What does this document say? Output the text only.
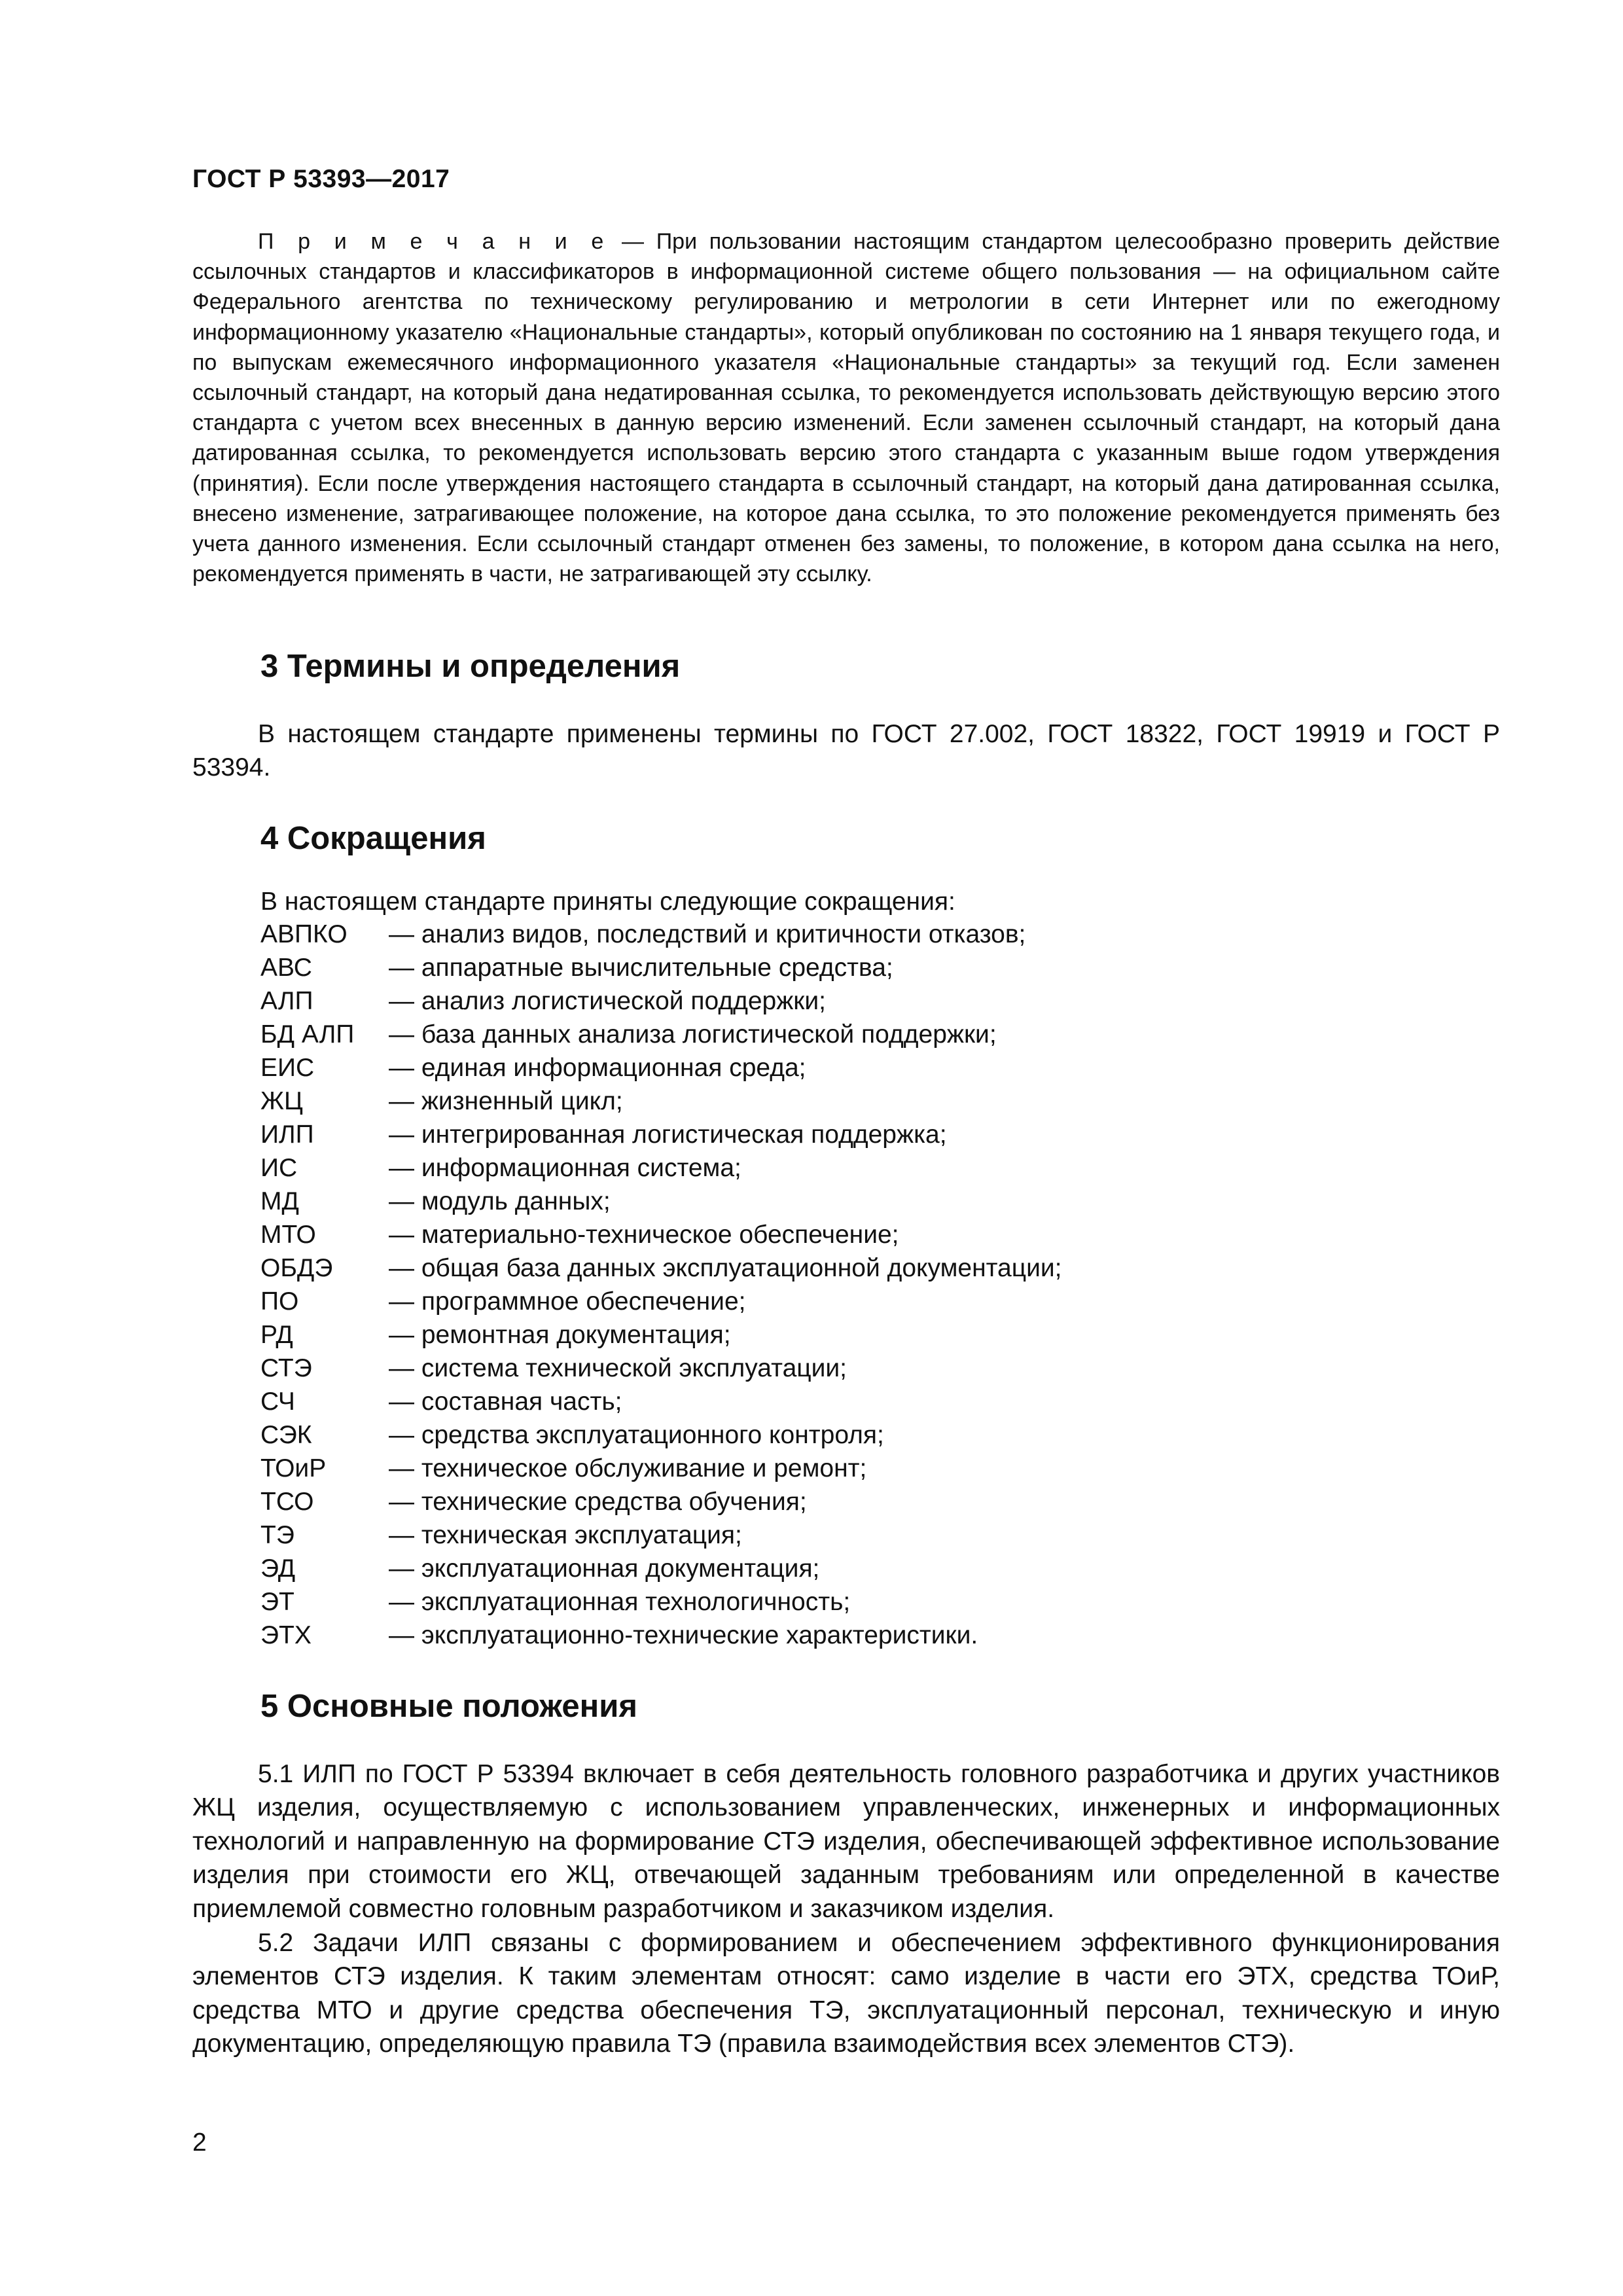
ГОСТ Р 53393—2017
П р и м е ч а н и е — При пользовании настоящим стандартом целесообразно проверить действие ссылочных стандартов и классификаторов в информационной системе общего пользования — на официальном сайте Федерального агентства по техническому регулированию и метрологии в сети Интернет или по ежегодному информационному указателю «Национальные стандарты», который опубликован по состоянию на 1 января текущего года, и по выпускам ежемесячного информационного указателя «Национальные стандарты» за текущий год. Если заменен ссылочный стандарт, на который дана недатированная ссылка, то рекомендуется использовать действующую версию этого стандарта с учетом всех внесенных в данную версию изменений. Если заменен ссылочный стандарт, на который дана датированная ссылка, то рекомендуется использовать версию этого стандарта с указанным выше годом утверждения (принятия). Если после утверждения настоящего стандарта в ссылочный стандарт, на который дана датированная ссылка, внесено изменение, затрагивающее положение, на которое дана ссылка, то это положение рекомендуется применять без учета данного изменения. Если ссылочный стандарт отменен без замены, то положение, в котором дана ссылка на него, рекомендуется применять в части, не затрагивающей эту ссылку.
3 Термины и определения
В настоящем стандарте применены термины по ГОСТ 27.002, ГОСТ 18322, ГОСТ 19919 и ГОСТ Р 53394.
4 Сокращения
В настоящем стандарте приняты следующие сокращения:
АВПКО	— анализ видов, последствий и критичности отказов;
АВС	— аппаратные вычислительные средства;
АЛП	— анализ логистической поддержки;
БД АЛП	— база данных анализа логистической поддержки;
ЕИС	— единая информационная среда;
ЖЦ	— жизненный цикл;
ИЛП	— интегрированная логистическая поддержка;
ИС	— информационная система;
МД	— модуль данных;
МТО	— материально-техническое обеспечение;
ОБДЭ	— общая база данных эксплуатационной документации;
ПО	— программное обеспечение;
РД	— ремонтная документация;
СТЭ	— система технической эксплуатации;
СЧ	— составная часть;
СЭК	— средства эксплуатационного контроля;
ТОиР	— техническое обслуживание и ремонт;
ТСО	— технические средства обучения;
ТЭ	— техническая эксплуатация;
ЭД	— эксплуатационная документация;
ЭТ	— эксплуатационная технологичность;
ЭТХ	— эксплуатационно-технические характеристики.
5 Основные положения
5.1 ИЛП по ГОСТ Р 53394 включает в себя деятельность головного разработчика и других участников ЖЦ изделия, осуществляемую с использованием управленческих, инженерных и информационных технологий и направленную на формирование СТЭ изделия, обеспечивающей эффективное использование изделия при стоимости его ЖЦ, отвечающей заданным требованиям или определенной в качестве приемлемой совместно головным разработчиком и заказчиком изделия.
5.2 Задачи ИЛП связаны с формированием и обеспечением эффективного функционирования элементов СТЭ изделия. К таким элементам относят: само изделие в части его ЭТХ, средства ТОиР, средства МТО и другие средства обеспечения ТЭ, эксплуатационный персонал, техническую и иную документацию, определяющую правила ТЭ (правила взаимодействия всех элементов СТЭ).
2
